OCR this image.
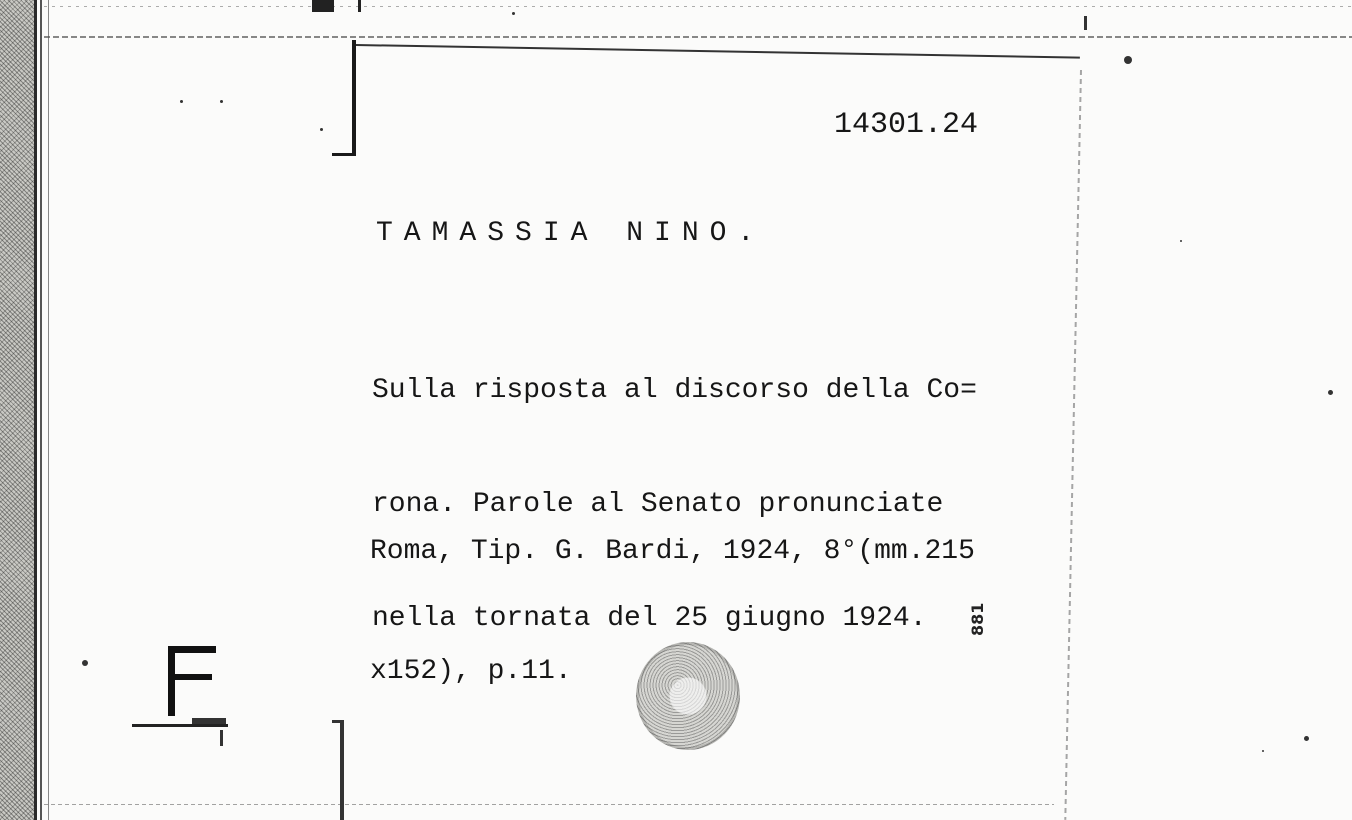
14301.24

TAMASSIA NINO.

Sulla risposta al discorso della Co=

rona. Parole al Senato pronunciate

nella tornata del 25 giugno 1924.

Roma, Tip. G. Bardi, 1924, 8°(mm.215

x152), p.11.

881
